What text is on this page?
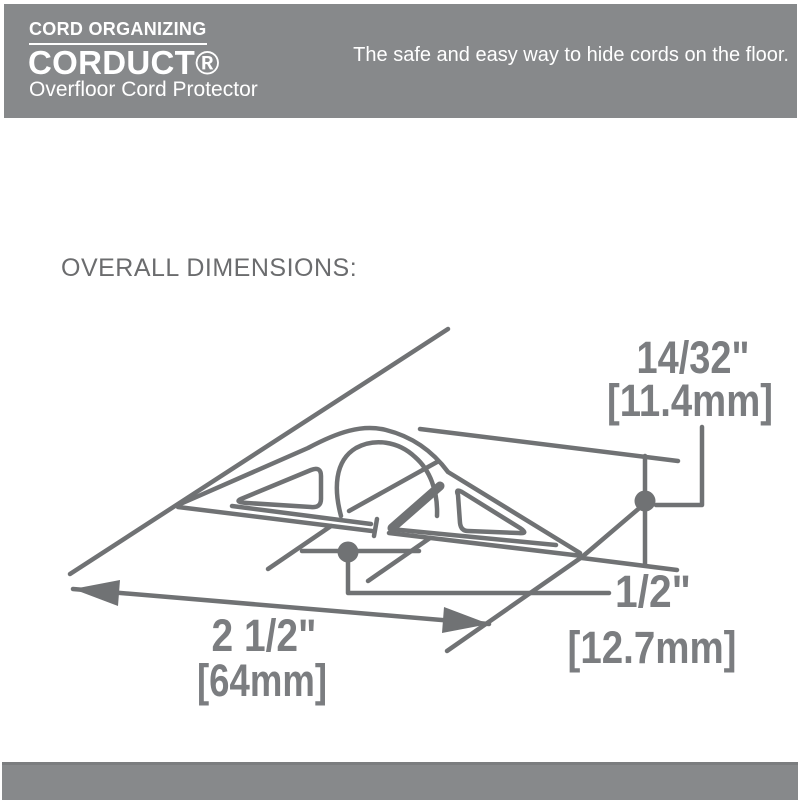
CORD ORGANIZING
CORDUCT®
Overfloor Cord Protector
The safe and easy way to hide cords on the floor.
OVERALL DIMENSIONS:
2 1/2"
[64mm]
14/32"
[11.4mm]
1/2"
[12.7mm]
